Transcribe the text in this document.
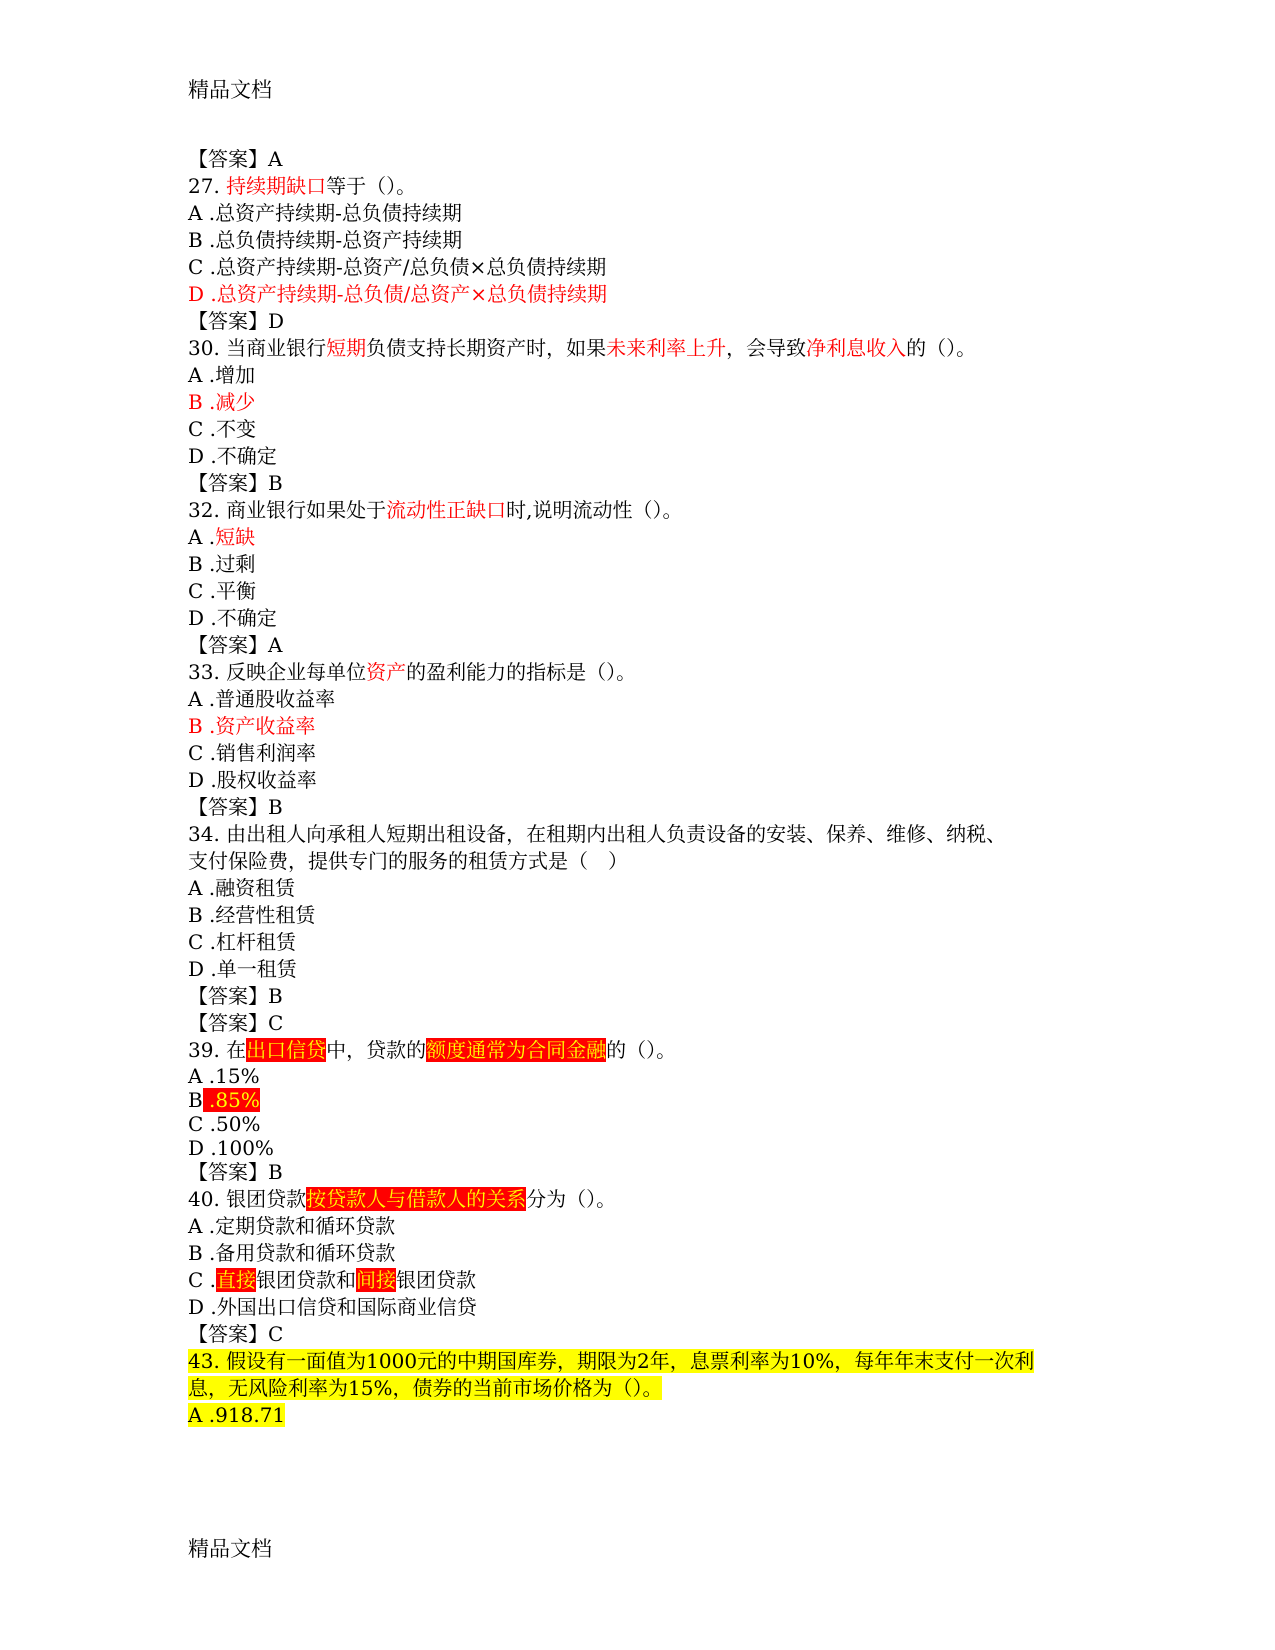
精品文档
【答案】A
27. 持续期缺口等于（）。
A .总资产持续期-总负债持续期
B .总负债持续期-总资产持续期
C .总资产持续期-总资产/总负债×总负债持续期
D .总资产持续期-总负债/总资产×总负债持续期
【答案】D
30. 当商业银行短期负债支持长期资产时，如果未来利率上升，会导致净利息收入的（）。
A .增加
B .减少
C .不变
D .不确定
【答案】B
32. 商业银行如果处于流动性正缺口时,说明流动性（）。
A .短缺
B .过剩
C .平衡
D .不确定
【答案】A
33. 反映企业每单位资产的盈利能力的指标是（）。
A .普通股收益率
B .资产收益率
C .销售利润率
D .股权收益率
【答案】B
34. 由出租人向承租人短期出租设备，在租期内出租人负责设备的安装、保养、维修、纳税、
支付保险费，提供专门的服务的租赁方式是（　）
A .融资租赁
B .经营性租赁
C .杠杆租赁
D .单一租赁
【答案】B
【答案】C
39. 在出口信贷中，贷款的额度通常为合同金融的（）。
A .15%
B .85%
C .50%
D .100%
【答案】B
40. 银团贷款按贷款人与借款人的关系分为（）。
A .定期贷款和循环贷款
B .备用贷款和循环贷款
C .直接银团贷款和间接银团贷款
D .外国出口信贷和国际商业信贷
【答案】C
43. 假设有一面值为1000元的中期国库券，期限为2年，息票利率为10%，每年年末支付一次利
息，无风险利率为15%，债券的当前市场价格为（）。
A .918.71
精品文档
